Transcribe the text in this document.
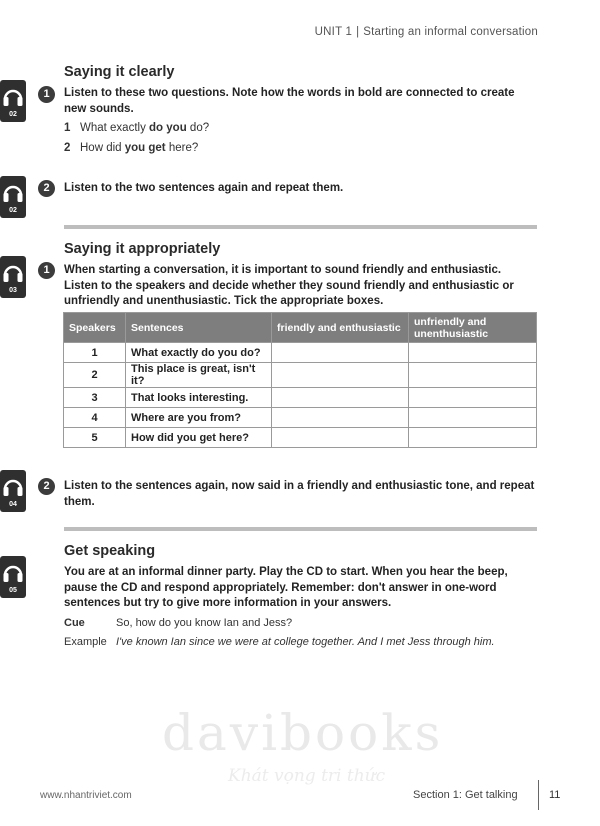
UNIT 1 | Starting an informal conversation
Saying it clearly
02
1	Listen to these two questions. Note how the words in bold are connected to create new sounds.
1 What exactly do you do?
2 How did you get here?
02
2	Listen to the two sentences again and repeat them.
Saying it appropriately
03
1	When starting a conversation, it is important to sound friendly and enthusiastic. Listen to the speakers and decide whether they sound friendly and enthusiastic or unfriendly and unenthusiastic. Tick the appropriate boxes.
Speakers	Sentences	friendly and enthusiastic	unfriendly and unenthusiastic
1	What exactly do you do?		
2	This place is great, isn't it?		
3	That looks interesting.		
4	Where are you from?		
5	How did you get here?		
04
2	Listen to the sentences again, now said in a friendly and enthusiastic tone, and repeat them.
Get speaking
05
You are at an informal dinner party. Play the CD to start. When you hear the beep, pause the CD and respond appropriately. Remember: don't answer in one-word sentences but try to give more information in your answers.
Cue	So, how do you know Ian and Jess?
Example I've known Ian since we were at college together. And I met Jess through him.
davibooks
Khát vọng tri thức
www.nhantriviet.com	Section 1: Get talking	11
